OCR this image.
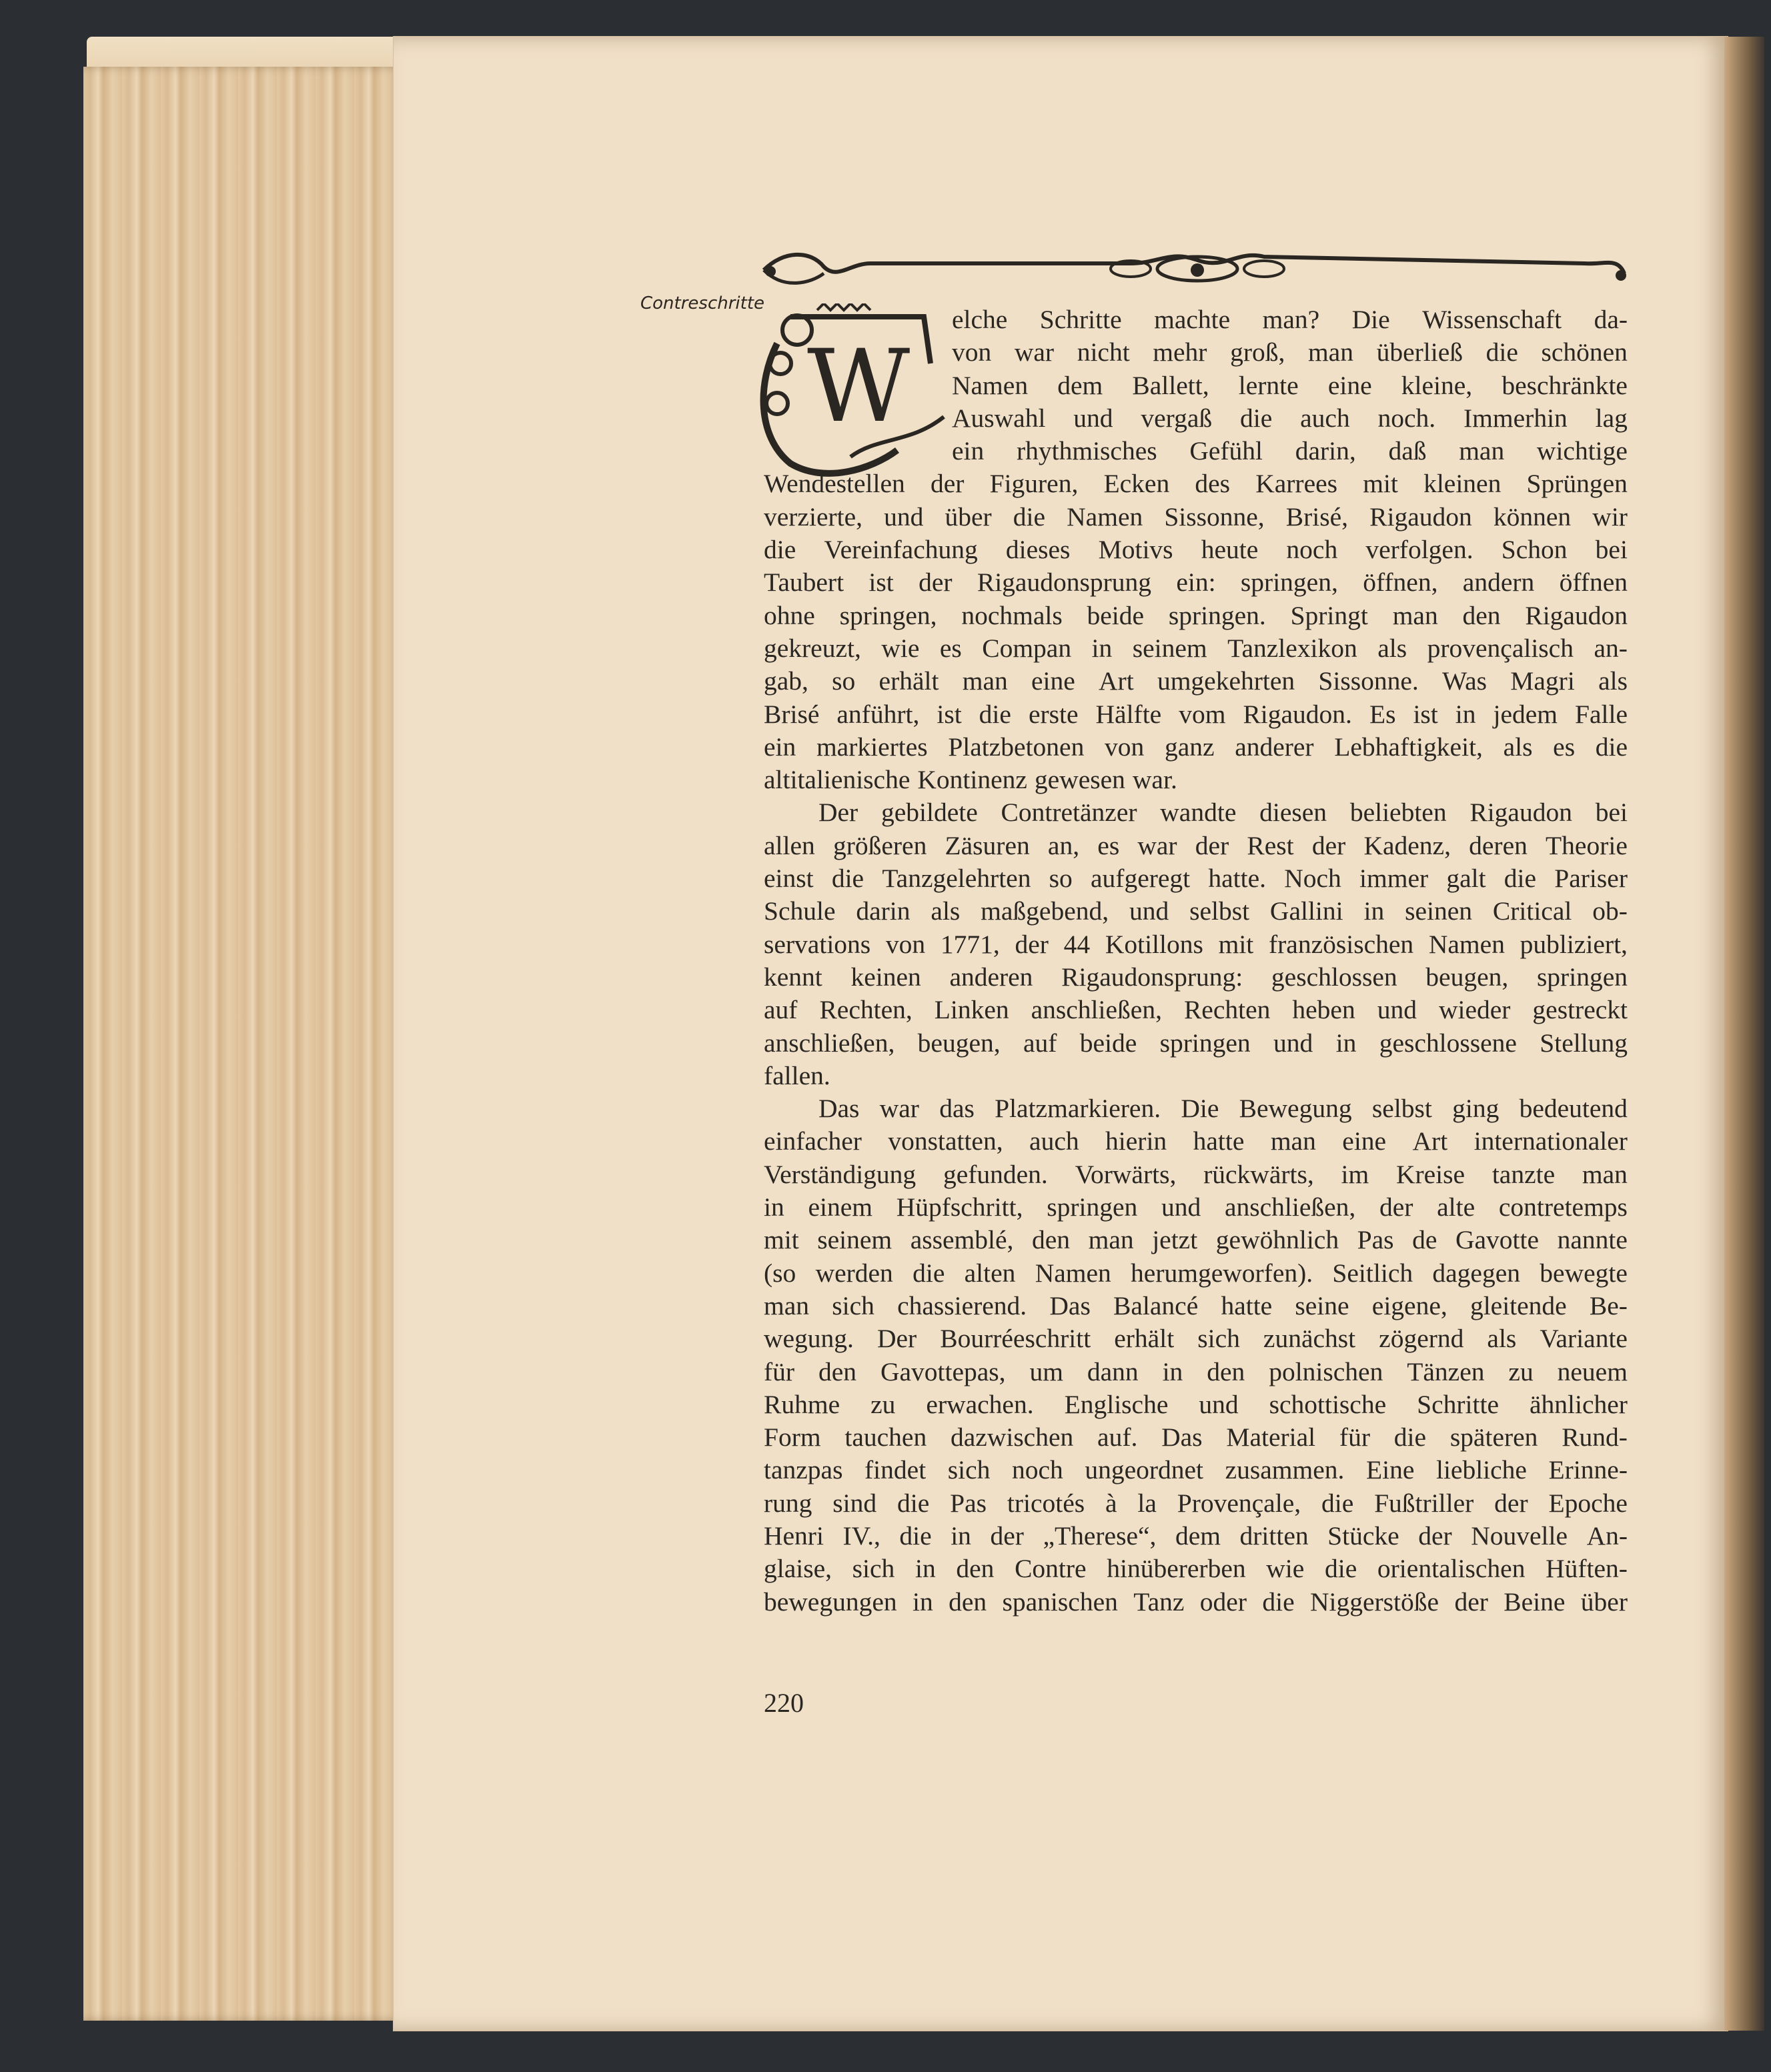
Contreschritte
W
elche Schritte machte man? Die Wissenschaft da-
von war nicht mehr groß, man überließ die schönen
Namen dem Ballett, lernte eine kleine, beschränkte
Auswahl und vergaß die auch noch. Immerhin lag
ein rhythmisches Gefühl darin, daß man wichtige
Wendestellen der Figuren, Ecken des Karrees mit kleinen Sprüngen
verzierte, und über die Namen Sissonne, Brisé, Rigaudon können wir
die Vereinfachung dieses Motivs heute noch verfolgen. Schon bei
Taubert ist der Rigaudonsprung ein: springen, öffnen, andern öffnen
ohne springen, nochmals beide springen. Springt man den Rigaudon
gekreuzt, wie es Compan in seinem Tanzlexikon als provençalisch an-
gab, so erhält man eine Art umgekehrten Sissonne. Was Magri als
Brisé anführt, ist die erste Hälfte vom Rigaudon. Es ist in jedem Falle
ein markiertes Platzbetonen von ganz anderer Lebhaftigkeit, als es die
altitalienische Kontinenz gewesen war.
Der gebildete Contretänzer wandte diesen beliebten Rigaudon bei
allen größeren Zäsuren an, es war der Rest der Kadenz, deren Theorie
einst die Tanzgelehrten so aufgeregt hatte. Noch immer galt die Pariser
Schule darin als maßgebend, und selbst Gallini in seinen Critical ob-
servations von 1771, der 44 Kotillons mit französischen Namen publiziert,
kennt keinen anderen Rigaudonsprung: geschlossen beugen, springen
auf Rechten, Linken anschließen, Rechten heben und wieder gestreckt
anschließen, beugen, auf beide springen und in geschlossene Stellung
fallen.
Das war das Platzmarkieren. Die Bewegung selbst ging bedeutend
einfacher vonstatten, auch hierin hatte man eine Art internationaler
Verständigung gefunden. Vorwärts, rückwärts, im Kreise tanzte man
in einem Hüpfschritt, springen und anschließen, der alte contretemps
mit seinem assemblé, den man jetzt gewöhnlich Pas de Gavotte nannte
(so werden die alten Namen herumgeworfen). Seitlich dagegen bewegte
man sich chassierend. Das Balancé hatte seine eigene, gleitende Be-
wegung. Der Bourréeschritt erhält sich zunächst zögernd als Variante
für den Gavottepas, um dann in den polnischen Tänzen zu neuem
Ruhme zu erwachen. Englische und schottische Schritte ähnlicher
Form tauchen dazwischen auf. Das Material für die späteren Rund-
tanzpas findet sich noch ungeordnet zusammen. Eine liebliche Erinne-
rung sind die Pas tricotés à la Provençale, die Fußtriller der Epoche
Henri IV., die in der „Therese“, dem dritten Stücke der Nouvelle An-
glaise, sich in den Contre hinübererben wie die orientalischen Hüften-
bewegungen in den spanischen Tanz oder die Niggerstöße der Beine über
220
